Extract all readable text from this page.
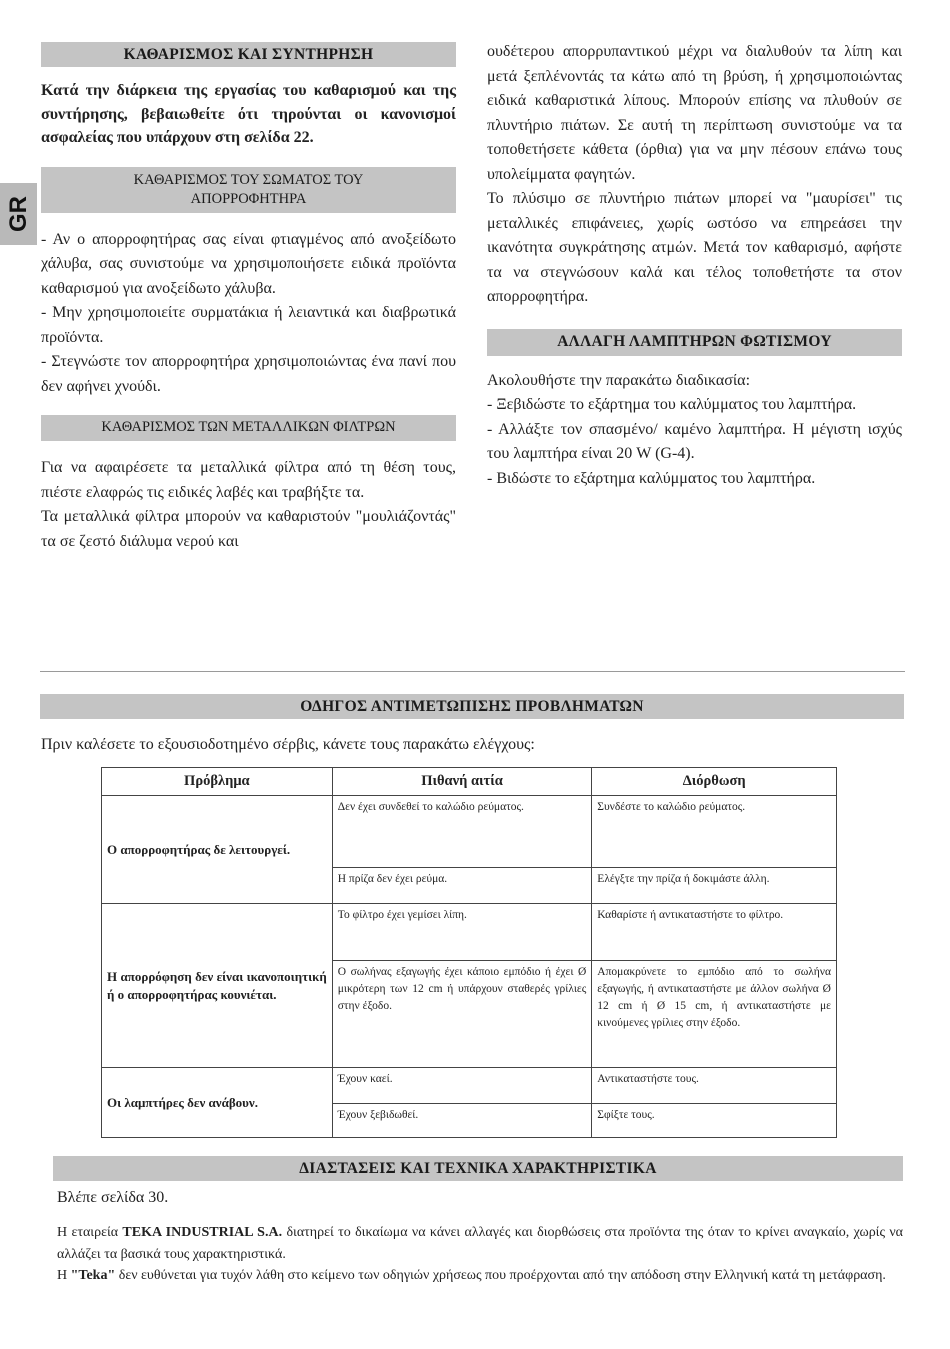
GR
ΚΑΘΑΡΙΣΜΟΣ ΚΑΙ ΣΥΝΤΗΡΗΣΗ

Κατά την διάρκεια της εργασίας του καθαρισμού και της συντήρησης, βεβαιωθείτε ότι τηρούνται οι κανονισμοί ασφαλείας που υπάρχουν στη σελίδα 22.

ΚΑΘΑΡΙΣΜΟΣ ΤΟΥ ΣΩΜΑΤΟΣ ΤΟΥ
ΑΠΟΡΡΟΦΗΤΗΡΑ

- Αν ο απορροφητήρας σας είναι φτιαγμένος από ανοξείδωτο χάλυβα, σας συνιστούμε να χρησιμοποιήσετε ειδικά προϊόντα καθαρισμού για ανοξείδωτο χάλυβα.

- Μην χρησιμοποιείτε συρματάκια ή λειαντικά και διαβρωτικά προϊόντα.

- Στεγνώστε τον απορροφητήρα χρησιμοποιώντας ένα πανί που δεν αφήνει χνούδι.

ΚΑΘΑΡΙΣΜΟΣ ΤΩΝ ΜΕΤΑΛΛΙΚΩΝ ΦΙΛΤΡΩΝ

Για να αφαιρέσετε τα μεταλλικά φίλτρα από τη θέση τους, πιέστε ελαφρώς τις ειδικές λαβές και τραβήξτε τα.

Τα μεταλλικά φίλτρα μπορούν να καθαριστούν "μουλιάζοντάς" τα σε ζεστό διάλυμα νερού και

ουδέτερου απορρυπαντικού μέχρι να διαλυθούν τα λίπη και μετά ξεπλένοντάς τα κάτω από τη βρύση, ή χρησιμοποιώντας ειδικά καθαριστικά λίπους. Μπορούν επίσης να πλυθούν σε πλυντήριο πιάτων. Σε αυτή τη περίπτωση συνιστούμε να τα τοποθετήσετε κάθετα (όρθια) για να μην πέσουν επάνω τους υπολείμματα φαγητών.

Το πλύσιμο σε πλυντήριο πιάτων μπορεί να "μαυρίσει" τις μεταλλικές επιφάνειες, χωρίς ωστόσο να επηρεάσει την ικανότητα συγκράτησης ατμών. Μετά τον καθαρισμό, αφήστε τα να στεγνώσουν καλά και τέλος τοποθετήστε τα στον απορροφητήρα.

ΑΛΛΑΓΗ ΛΑΜΠΤΗΡΩΝ ΦΩΤΙΣΜΟΥ

Ακολουθήστε την παρακάτω διαδικασία:

- Ξεβιδώστε το εξάρτημα του καλύμματος του λαμπτήρα.

- Αλλάξτε τον σπασμένο/ καμένο λαμπτήρα. Η μέγιστη ισχύς του λαμπτήρα είναι 20 W (G-4).

- Βιδώστε το εξάρτημα καλύμματος του λαμπτήρα.

ΟΔΗΓΟΣ ΑΝΤΙΜΕΤΩΠΙΣΗΣ ΠΡΟΒΛΗΜΑΤΩΝ
Πριν καλέσετε το εξουσιοδοτημένο σέρβις, κάνετε τους παρακάτω ελέγχους:
Πρόβλημα	Πιθανή αιτία	Διόρθωση
Ο απορροφητήρας δε λειτουργεί.	Δεν έχει συνδεθεί το καλώδιο ρεύματος.	Συνδέστε το καλώδιο ρεύματος.
	Η πρίζα δεν έχει ρεύμα.	Ελέγξτε την πρίζα ή δοκιμάστε άλλη.
Η απορρόφηση δεν είναι ικανοποιητική ή ο απορροφητήρας κουνιέται.	Το φίλτρο έχει γεμίσει λίπη.	Καθαρίστε ή αντικαταστήστε το φίλτρο.
	Ο σωλήνας εξαγωγής έχει κάποιο εμπόδιο ή έχει Ø μικρότερη των 12 cm ή υπάρχουν σταθερές γρίλιες στην έξοδο.	Απομακρύνετε το εμπόδιο από το σωλήνα εξαγωγής, ή αντικαταστήστε με άλλον σωλήνα Ø 12 cm ή Ø 15 cm, ή αντικαταστήστε με κινούμενες γρίλιες στην έξοδο.
Οι λαμπτήρες δεν ανάβουν.	Έχουν καεί.	Αντικαταστήστε τους.
	Έχουν ξεβιδωθεί.	Σφίξτε τους.
ΔΙΑΣΤΑΣΕΙΣ ΚΑΙ ΤΕΧΝΙΚΑ ΧΑΡΑΚΤΗΡΙΣΤΙΚΑ
Βλέπε σελίδα 30.
Η εταιρεία TEKA INDUSTRIAL S.A. διατηρεί το δικαίωμα να κάνει αλλαγές και διορθώσεις στα προϊόντα της όταν το κρίνει αναγκαίο, χωρίς να αλλάζει τα βασικά τους χαρακτηριστικά.
Η "Teka" δεν ευθύνεται για τυχόν λάθη στο κείμενο των οδηγιών χρήσεως που προέρχονται από την απόδοση στην Ελληνική κατά τη μετάφραση.
